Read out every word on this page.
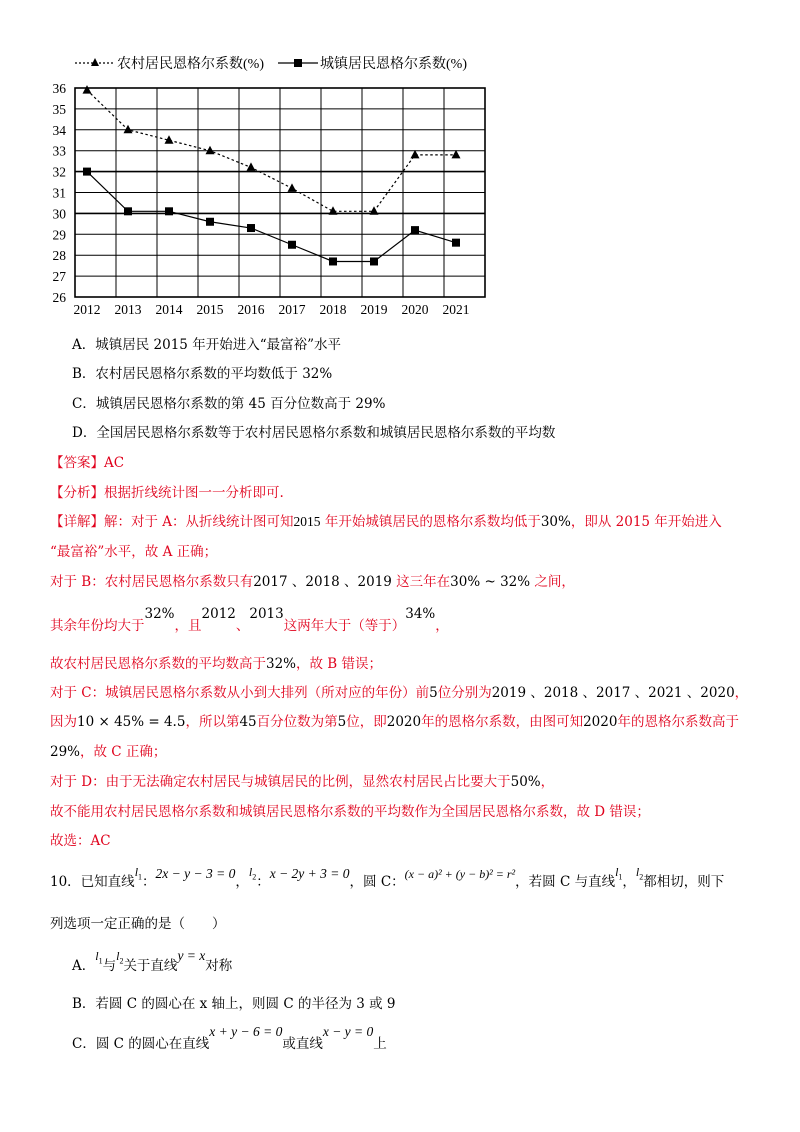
农村居民恩格尔系数(%)	城镇居民恩格尔系数(%)
26
27
28
29
30
31
32
33
34
35
36
2012 2013 2014 2015 2016 2017 2018 2019 2020 2021
A．城镇居民 2015 年开始进入“最富裕”水平
B．农村居民恩格尔系数的平均数低于 32%
C．城镇居民恩格尔系数的第 45 百分位数高于 29%
D．全国居民恩格尔系数等于农村居民恩格尔系数和城镇居民恩格尔系数的平均数
【答案】AC
【分析】根据折线统计图一一分析即可.
【详解】解：对于 A：从折线统计图可知2015 年开始城镇居民的恩格尔系数均低于30%，即从 2015 年开始进入
“最富裕”水平，故 A 正确；
对于 B：农村居民恩格尔系数只有2017 、2018 、2019 这三年在30% ~ 32% 之间，
其余年份均大于32%，且2012、2013这两年大于（等于）34%，
故农村居民恩格尔系数的平均数高于32%，故 B 错误；
对于 C：城镇居民恩格尔系数从小到大排列（所对应的年份）前5位分别为2019 、2018 、2017 、2021 、2020，
因为10 × 45% = 4.5，所以第45百分位数为第5位，即2020年的恩格尔系数，由图可知2020年的恩格尔系数高于
29%，故 C 正确；
对于 D：由于无法确定农村居民与城镇居民的比例，显然农村居民占比要大于50%，
故不能用农村居民恩格尔系数和城镇居民恩格尔系数的平均数作为全国居民恩格尔系数，故 D 错误；
故选：AC
10．已知直线$l_1$：2x − y − 3 = 0，$l_2$：x − 2y + 3 = 0，圆 C：(x − a)² + (y − b)² = r²，若圆 C 与直线$l_1$，$l_2$都相切，则下
列选项一定正确的是（　　）
A．$l_1$与$l_2$关于直线y = x对称
B．若圆 C 的圆心在 x 轴上，则圆 C 的半径为 3 或 9
C．圆 C 的圆心在直线x + y − 6 = 0或直线x − y = 0上
